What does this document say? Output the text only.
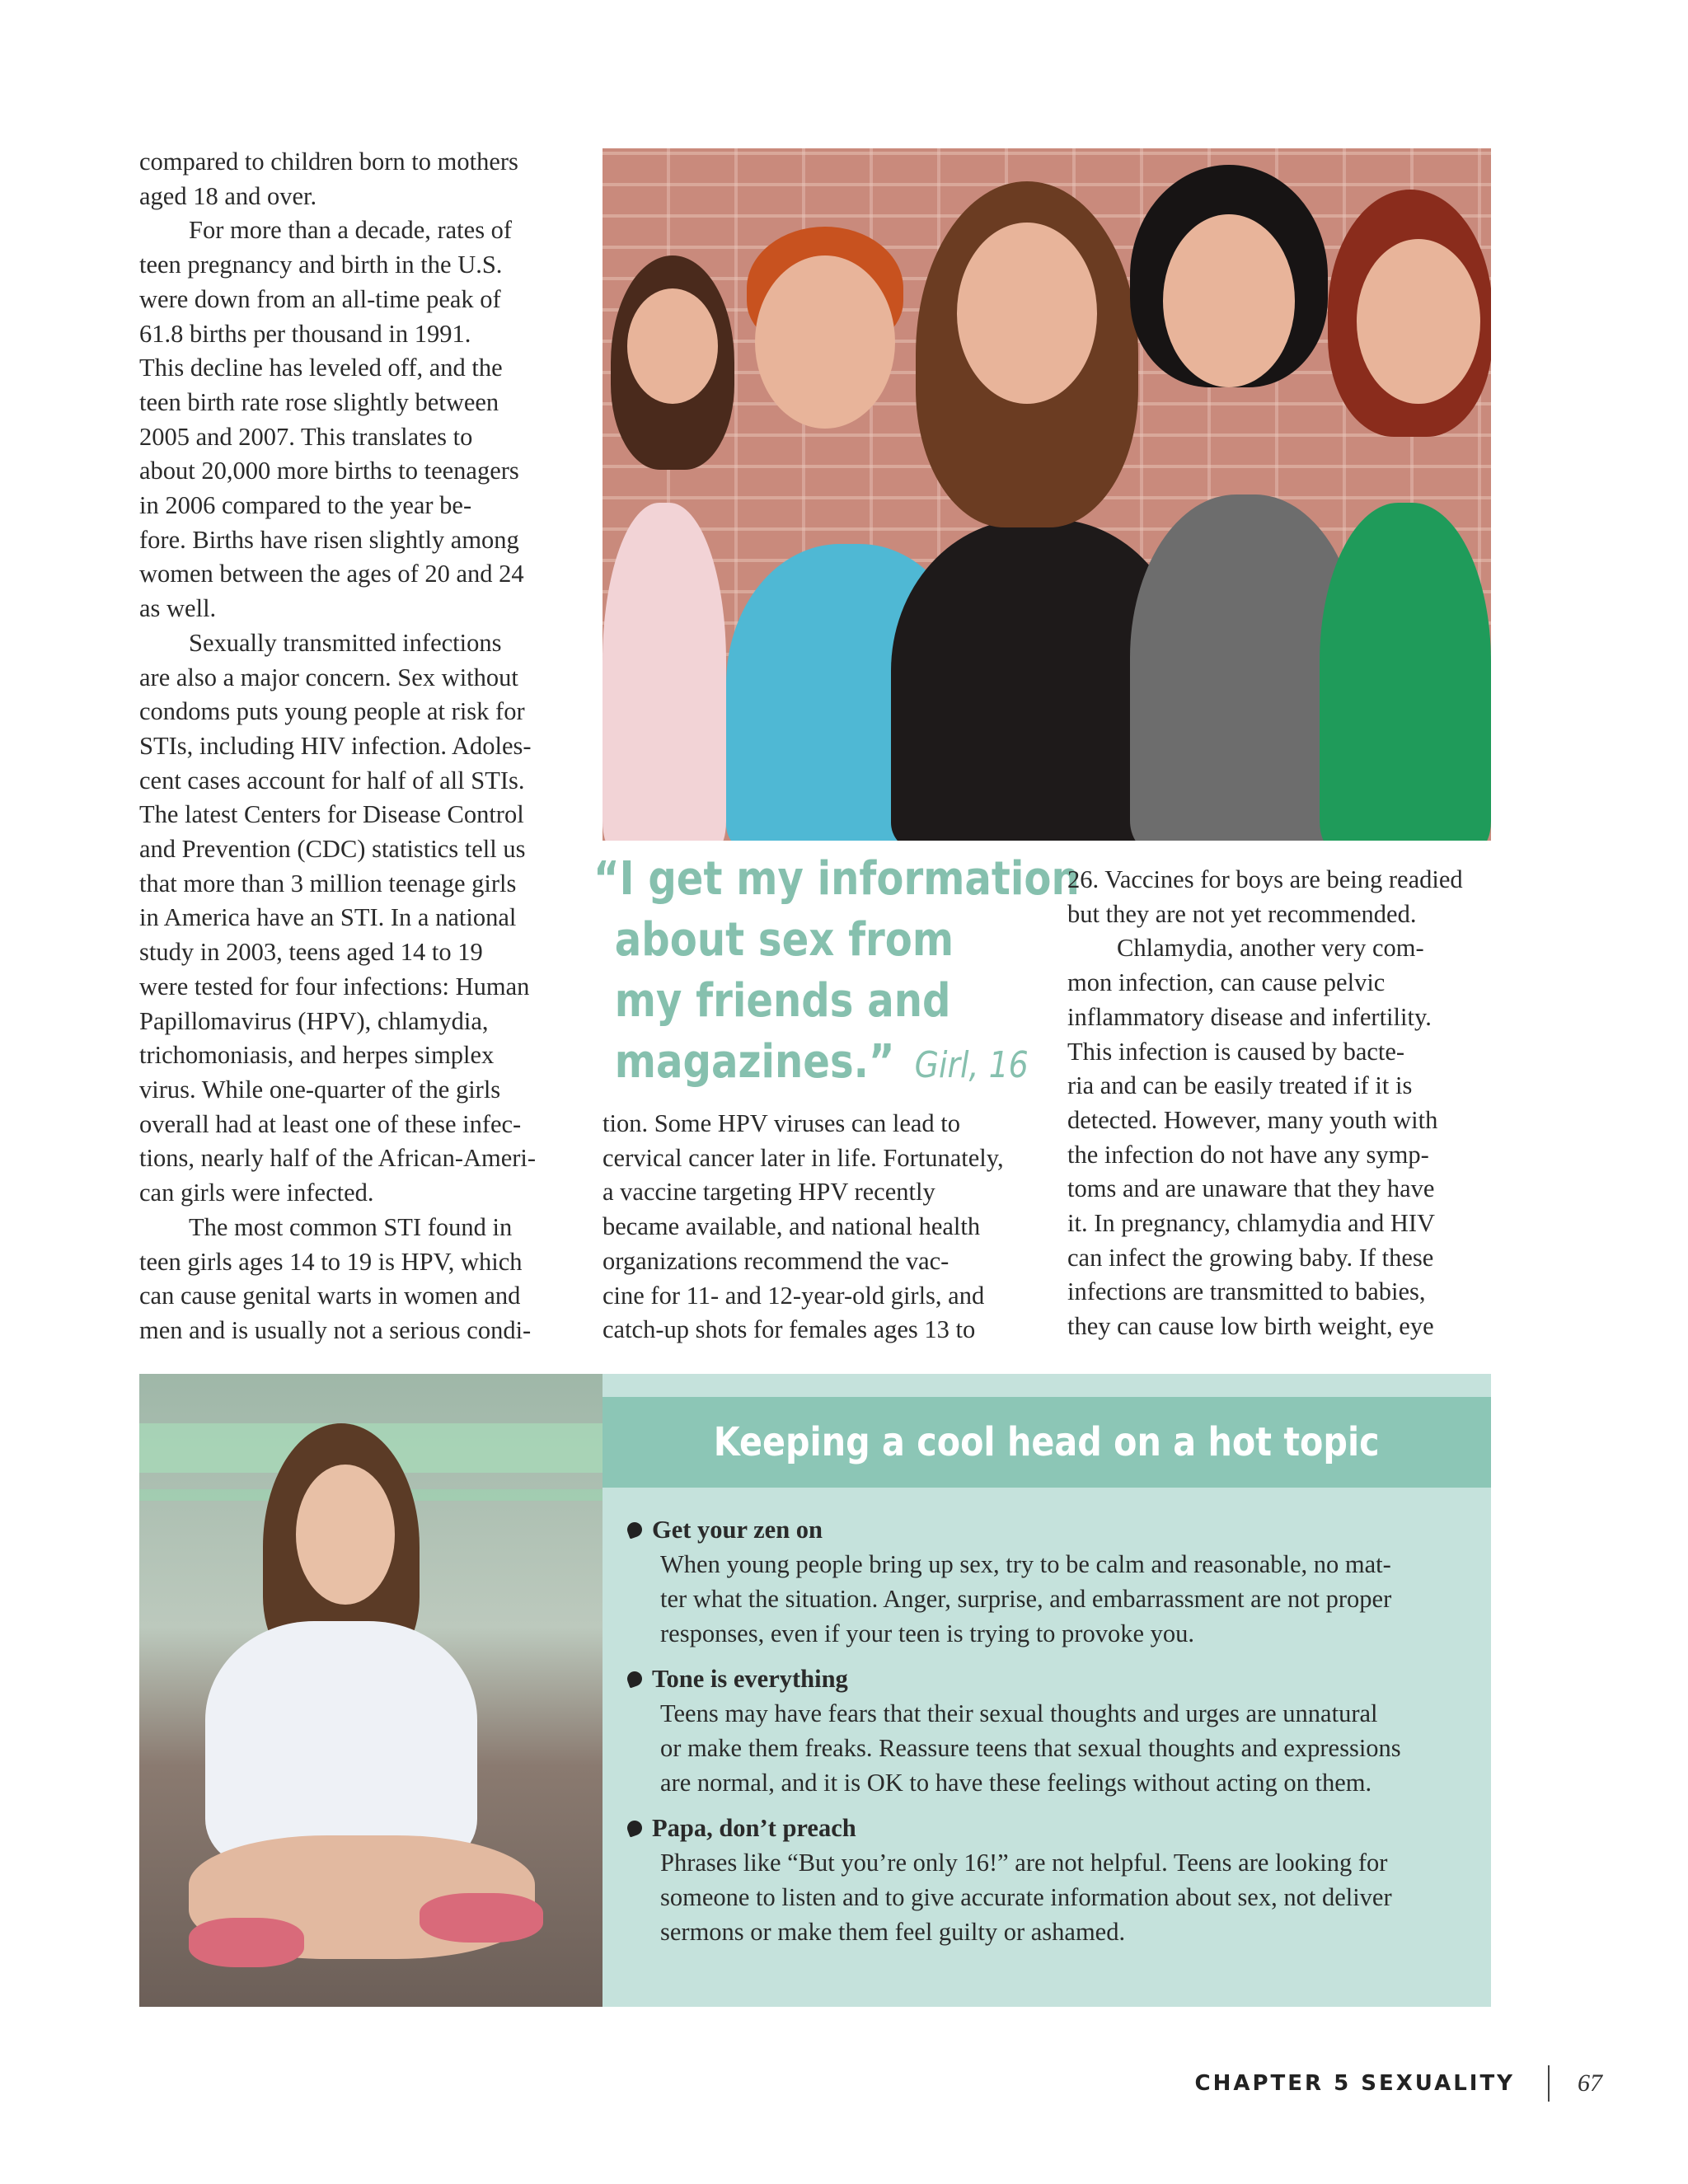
compared to children born to mothers
aged 18 and over.

For more than a decade, rates of
teen pregnancy and birth in the U.S.
were down from an all-time peak of
61.8 births per thousand in 1991.
This decline has leveled off, and the
teen birth rate rose slightly between
2005 and 2007. This translates to
about 20,000 more births to teenagers
in 2006 compared to the year be-
fore. Births have risen slightly among
women between the ages of 20 and 24
as well.

Sexually transmitted infections
are also a major concern. Sex without
condoms puts young people at risk for
STIs, including HIV infection. Adoles-
cent cases account for half of all STIs.
The latest Centers for Disease Control
and Prevention (CDC) statistics tell us
that more than 3 million teenage girls
in America have an STI. In a national
study in 2003, teens aged 14 to 19
were tested for four infections: Human
Papillomavirus (HPV), chlamydia,
trichomoniasis, and herpes simplex
virus. While one-quarter of the girls
overall had at least one of these infec-
tions, nearly half of the African-Ameri-
can girls were infected.

The most common STI found in
teen girls ages 14 to 19 is HPV, which
can cause genital warts in women and
men and is usually not a serious condi-

“I get my information
about sex from
my friends and
magazines.” Girl, 16
tion. Some HPV viruses can lead to
cervical cancer later in life. Fortunately,
a vaccine targeting HPV recently
became available, and national health
organizations recommend the vac-
cine for 11- and 12-year-old girls, and
catch-up shots for females ages 13 to

26. Vaccines for boys are being readied
but they are not yet recommended.

Chlamydia, another very com-
mon infection, can cause pelvic
inflammatory disease and infertility.
This infection is caused by bacte-
ria and can be easily treated if it is
detected. However, many youth with
the infection do not have any symp-
toms and are unaware that they have
it. In pregnancy, chlamydia and HIV
can infect the growing baby. If these
infections are transmitted to babies,
they can cause low birth weight, eye

Keeping a cool head on a hot topic
Get your zen on
When young people bring up sex, try to be calm and reasonable, no mat-
ter what the situation. Anger, surprise, and embarrassment are not proper
responses, even if your teen is trying to provoke you.
Tone is everything
Teens may have fears that their sexual thoughts and urges are unnatural
or make them freaks. Reassure teens that sexual thoughts and expressions
are normal, and it is OK to have these feelings without acting on them.
Papa, don’t preach
Phrases like “But you’re only 16!” are not helpful. Teens are looking for
someone to listen and to give accurate information about sex, not deliver
sermons or make them feel guilty or ashamed.
CHAPTER 5 SEXUALITY	67
